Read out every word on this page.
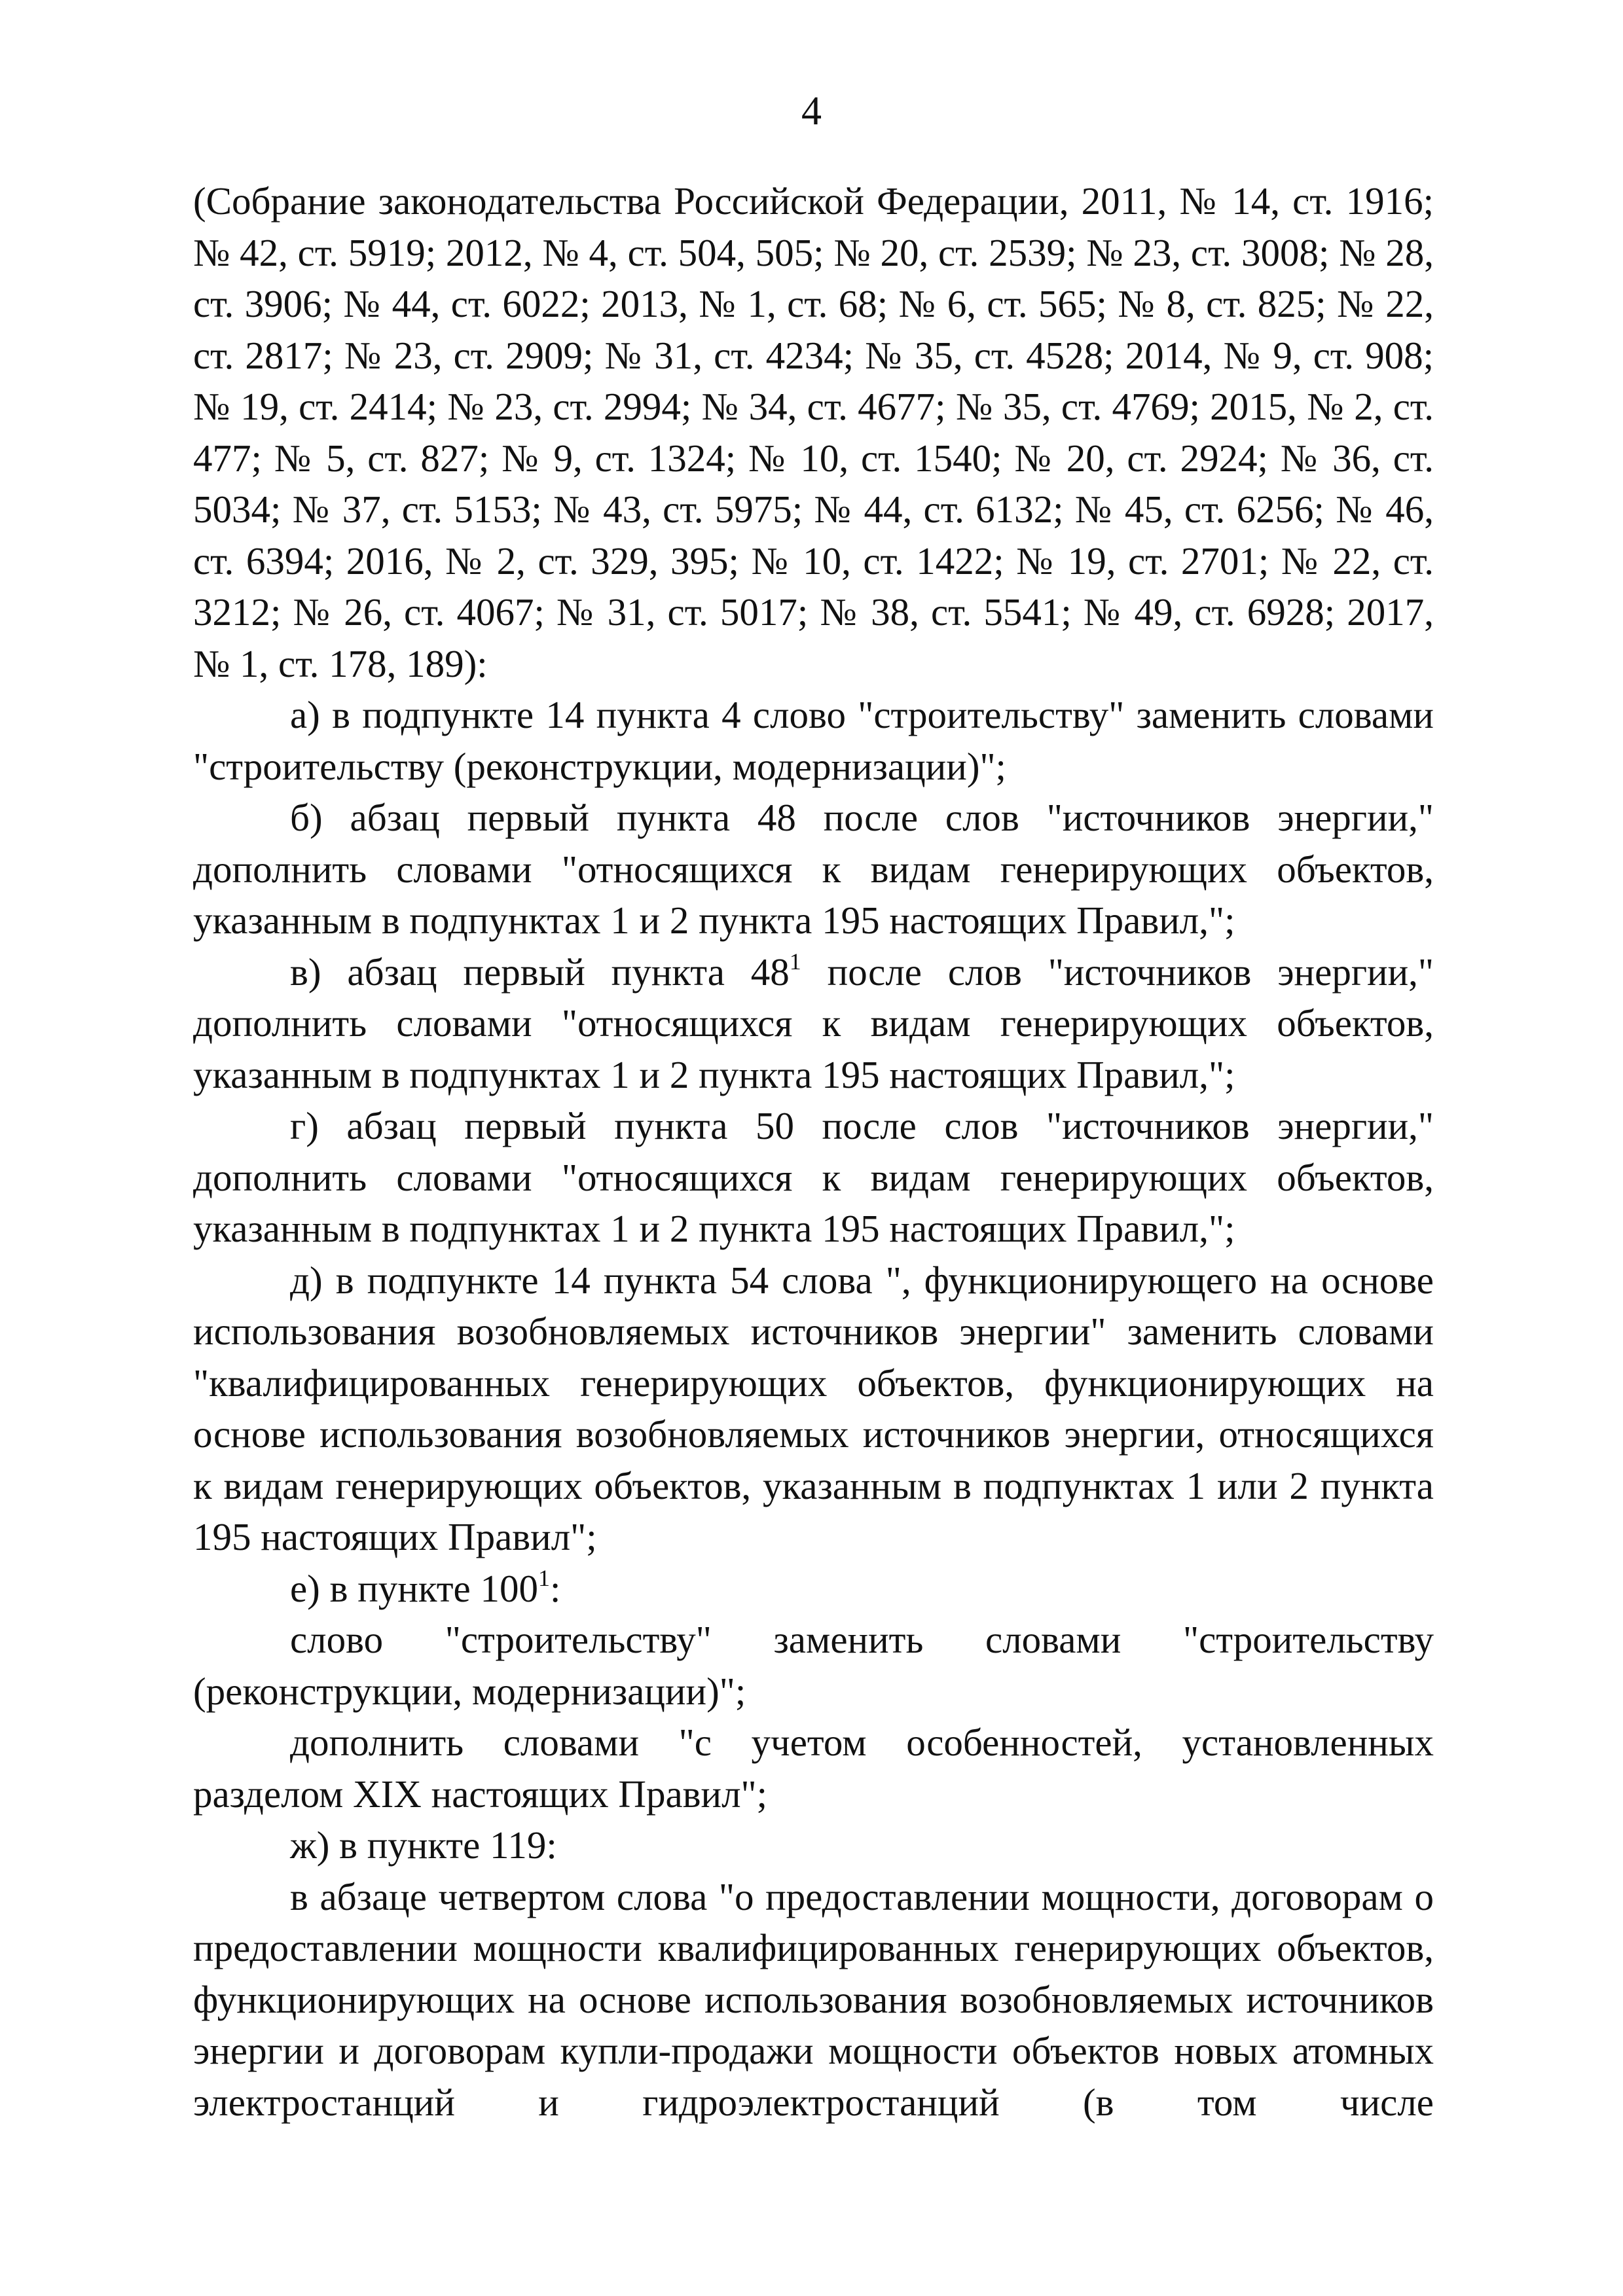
4

(Собрание законодательства Российской Федерации, 2011, № 14, ст. 1916; № 42, ст. 5919; 2012, № 4, ст. 504, 505; № 20, ст. 2539; № 23, ст. 3008; № 28, ст. 3906; № 44, ст. 6022; 2013, № 1, ст. 68; № 6, ст. 565; № 8, ст. 825; № 22, ст. 2817; № 23, ст. 2909; № 31, ст. 4234; № 35, ст. 4528; 2014, № 9, ст. 908; № 19, ст. 2414; № 23, ст. 2994; № 34, ст. 4677; № 35, ст. 4769; 2015, № 2, ст. 477; № 5, ст. 827; № 9, ст. 1324; № 10, ст. 1540; № 20, ст. 2924; № 36, ст. 5034; № 37, ст. 5153; № 43, ст. 5975; № 44, ст. 6132; № 45, ст. 6256; № 46, ст. 6394; 2016, № 2, ст. 329, 395; № 10, ст. 1422; № 19, ст. 2701; № 22, ст. 3212; № 26, ст. 4067; № 31, ст. 5017; № 38, ст. 5541; № 49, ст. 6928; 2017, № 1, ст. 178, 189):

а) в подпункте 14 пункта 4 слово "строительству" заменить словами "строительству (реконструкции, модернизации)";

б) абзац первый пункта 48 после слов "источников энергии," дополнить словами "относящихся к видам генерирующих объектов, указанным в подпунктах 1 и 2 пункта 195 настоящих Правил,";

в) абзац первый пункта $48^1$ после слов "источников энергии," дополнить словами "относящихся к видам генерирующих объектов, указанным в подпунктах 1 и 2 пункта 195 настоящих Правил,";

г) абзац первый пункта 50 после слов "источников энергии," дополнить словами "относящихся к видам генерирующих объектов, указанным в подпунктах 1 и 2 пункта 195 настоящих Правил,";

д) в подпункте 14 пункта 54 слова ", функционирующего на основе использования возобновляемых источников энергии" заменить словами "квалифицированных генерирующих объектов, функционирующих на основе использования возобновляемых источников энергии, относящихся к видам генерирующих объектов, указанным в подпунктах 1 или 2 пункта 195 настоящих Правил";

е) в пункте $100^1$:

слово "строительству" заменить словами "строительству (реконструкции, модернизации)";

дополнить словами "с учетом особенностей, установленных разделом XIX настоящих Правил";

ж) в пункте 119:

в абзаце четвертом слова "о предоставлении мощности, договорам о предоставлении мощности квалифицированных генерирующих объектов, функционирующих на основе использования возобновляемых источников энергии и договорам купли-продажи мощности объектов новых атомных электростанций и гидроэлектростанций (в том числе
